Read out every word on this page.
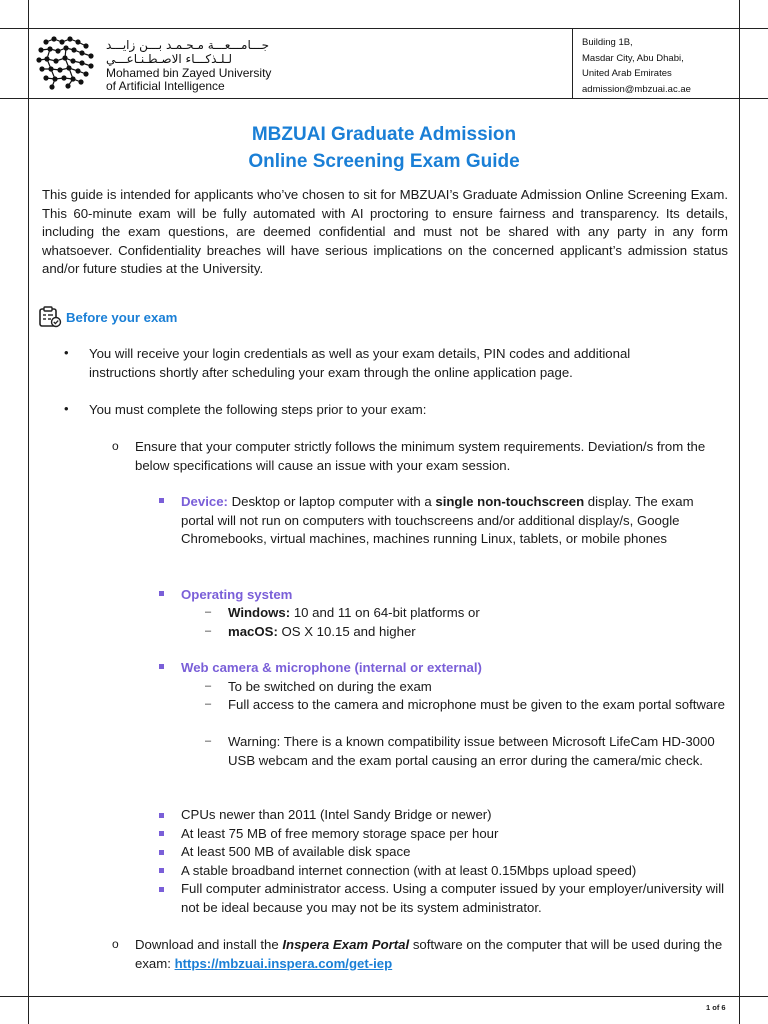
جـــامـــعـــة مـحـمـد بـــن زايـــد
لـلـذكـــاء الاصـطـنـاعـــي
Mohamed bin Zayed University
of Artificial Intelligence
Building 1B,
Masdar City, Abu Dhabi,
United Arab Emirates
admission@mbzuai.ac.ae
MBZUAI Graduate Admission
Online Screening Exam Guide
This guide is intended for applicants who’ve chosen to sit for MBZUAI’s Graduate Admission Online Screening Exam. This 60-minute exam will be fully automated with AI proctoring to ensure fairness and transparency. Its details, including the exam questions, are deemed confidential and must not be shared with any party in any form whatsoever. Confidentiality breaches will have serious implications on the concerned applicant’s admission status and/or future studies at the University.
Before your exam
• You will receive your login credentials as well as your exam details, PIN codes and additional instructions shortly after scheduling your exam through the online application page.
• You must complete the following steps prior to your exam:
o Ensure that your computer strictly follows the minimum system requirements. Deviation/s from the below specifications will cause an issue with your exam session.
Device: Desktop or laptop computer with a single non-touchscreen display. The exam portal will not run on computers with touchscreens and/or additional display/s, Google Chromebooks, virtual machines, machines running Linux, tablets, or mobile phones
Operating system
– Windows: 10 and 11 on 64-bit platforms or
– macOS: OS X 10.15 and higher
Web camera & microphone (internal or external)
– To be switched on during the exam
– Full access to the camera and microphone must be given to the exam portal software
– Warning: There is a known compatibility issue between Microsoft LifeCam HD-3000 USB webcam and the exam portal causing an error during the camera/mic check.
CPUs newer than 2011 (Intel Sandy Bridge or newer)
At least 75 MB of free memory storage space per hour
At least 500 MB of available disk space
A stable broadband internet connection (with at least 0.15Mbps upload speed)
Full computer administrator access. Using a computer issued by your employer/university will not be ideal because you may not be its system administrator.
o Download and install the Inspera Exam Portal software on the computer that will be used during the exam: https://mbzuai.inspera.com/get-iep
1 of 6
